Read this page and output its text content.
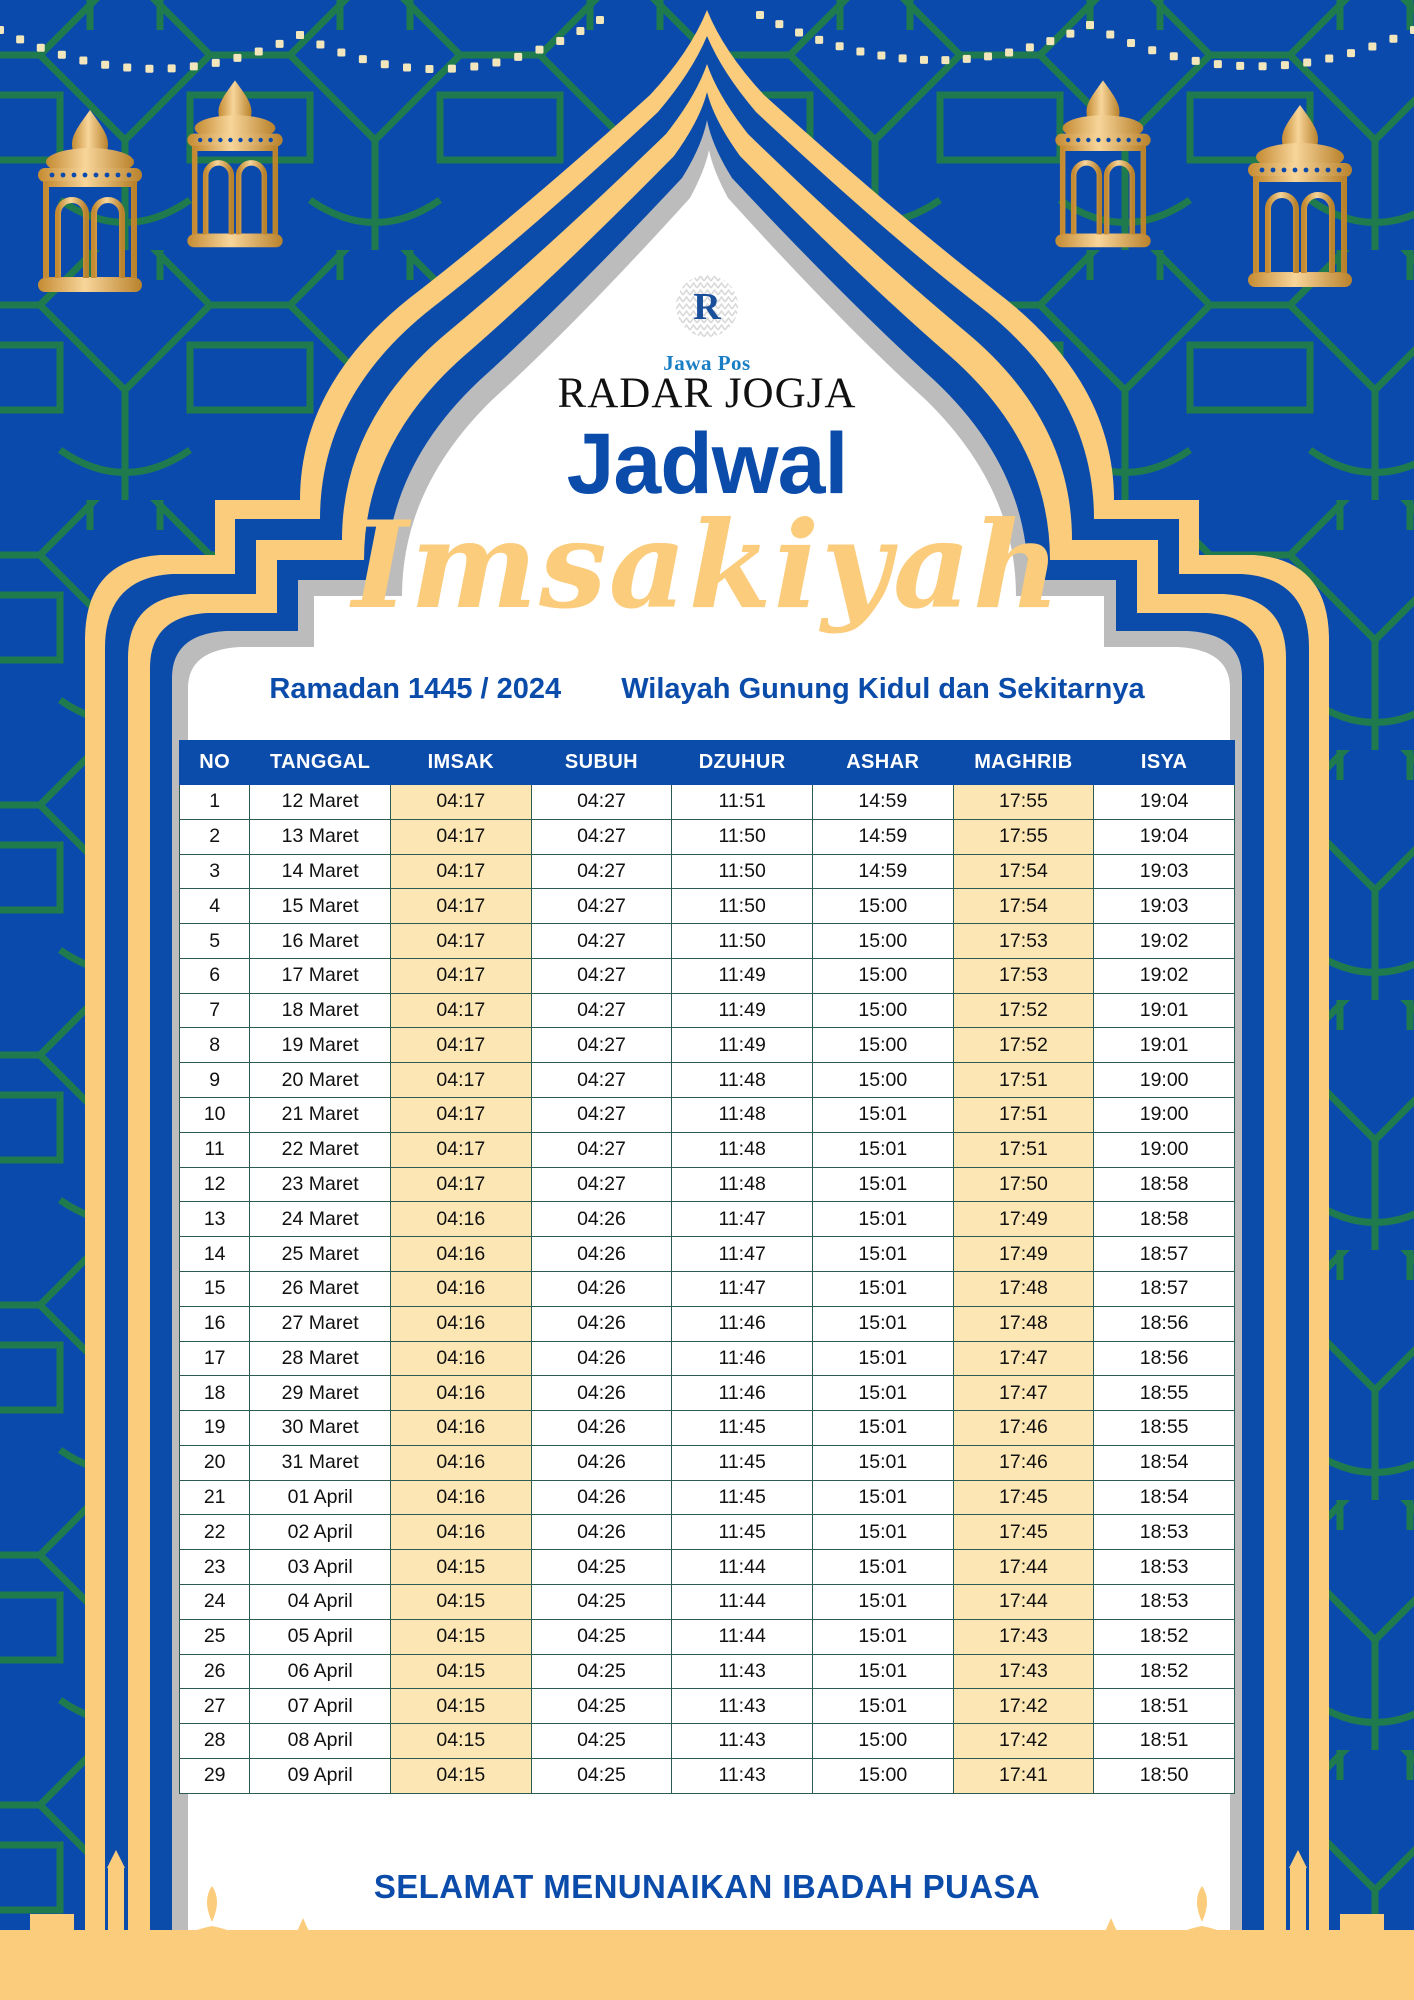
R
Jawa Pos
RADAR JOGJA
Jadwal
Imsakiyah
Ramadan 1445 / 2024 Wilayah Gunung Kidul dan Sekitarnya
NO	TANGGAL	IMSAK	SUBUH	DZUHUR	ASHAR	MAGHRIB	ISYA
1	12 Maret	04:17	04:27	11:51	14:59	17:55	19:04
2	13 Maret	04:17	04:27	11:50	14:59	17:55	19:04
3	14 Maret	04:17	04:27	11:50	14:59	17:54	19:03
4	15 Maret	04:17	04:27	11:50	15:00	17:54	19:03
5	16 Maret	04:17	04:27	11:50	15:00	17:53	19:02
6	17 Maret	04:17	04:27	11:49	15:00	17:53	19:02
7	18 Maret	04:17	04:27	11:49	15:00	17:52	19:01
8	19 Maret	04:17	04:27	11:49	15:00	17:52	19:01
9	20 Maret	04:17	04:27	11:48	15:00	17:51	19:00
10	21 Maret	04:17	04:27	11:48	15:01	17:51	19:00
11	22 Maret	04:17	04:27	11:48	15:01	17:51	19:00
12	23 Maret	04:17	04:27	11:48	15:01	17:50	18:58
13	24 Maret	04:16	04:26	11:47	15:01	17:49	18:58
14	25 Maret	04:16	04:26	11:47	15:01	17:49	18:57
15	26 Maret	04:16	04:26	11:47	15:01	17:48	18:57
16	27 Maret	04:16	04:26	11:46	15:01	17:48	18:56
17	28 Maret	04:16	04:26	11:46	15:01	17:47	18:56
18	29 Maret	04:16	04:26	11:46	15:01	17:47	18:55
19	30 Maret	04:16	04:26	11:45	15:01	17:46	18:55
20	31 Maret	04:16	04:26	11:45	15:01	17:46	18:54
21	01 April	04:16	04:26	11:45	15:01	17:45	18:54
22	02 April	04:16	04:26	11:45	15:01	17:45	18:53
23	03 April	04:15	04:25	11:44	15:01	17:44	18:53
24	04 April	04:15	04:25	11:44	15:01	17:44	18:53
25	05 April	04:15	04:25	11:44	15:01	17:43	18:52
26	06 April	04:15	04:25	11:43	15:01	17:43	18:52
27	07 April	04:15	04:25	11:43	15:01	17:42	18:51
28	08 April	04:15	04:25	11:43	15:00	17:42	18:51
29	09 April	04:15	04:25	11:43	15:00	17:41	18:50
SELAMAT MENUNAIKAN IBADAH PUASA
